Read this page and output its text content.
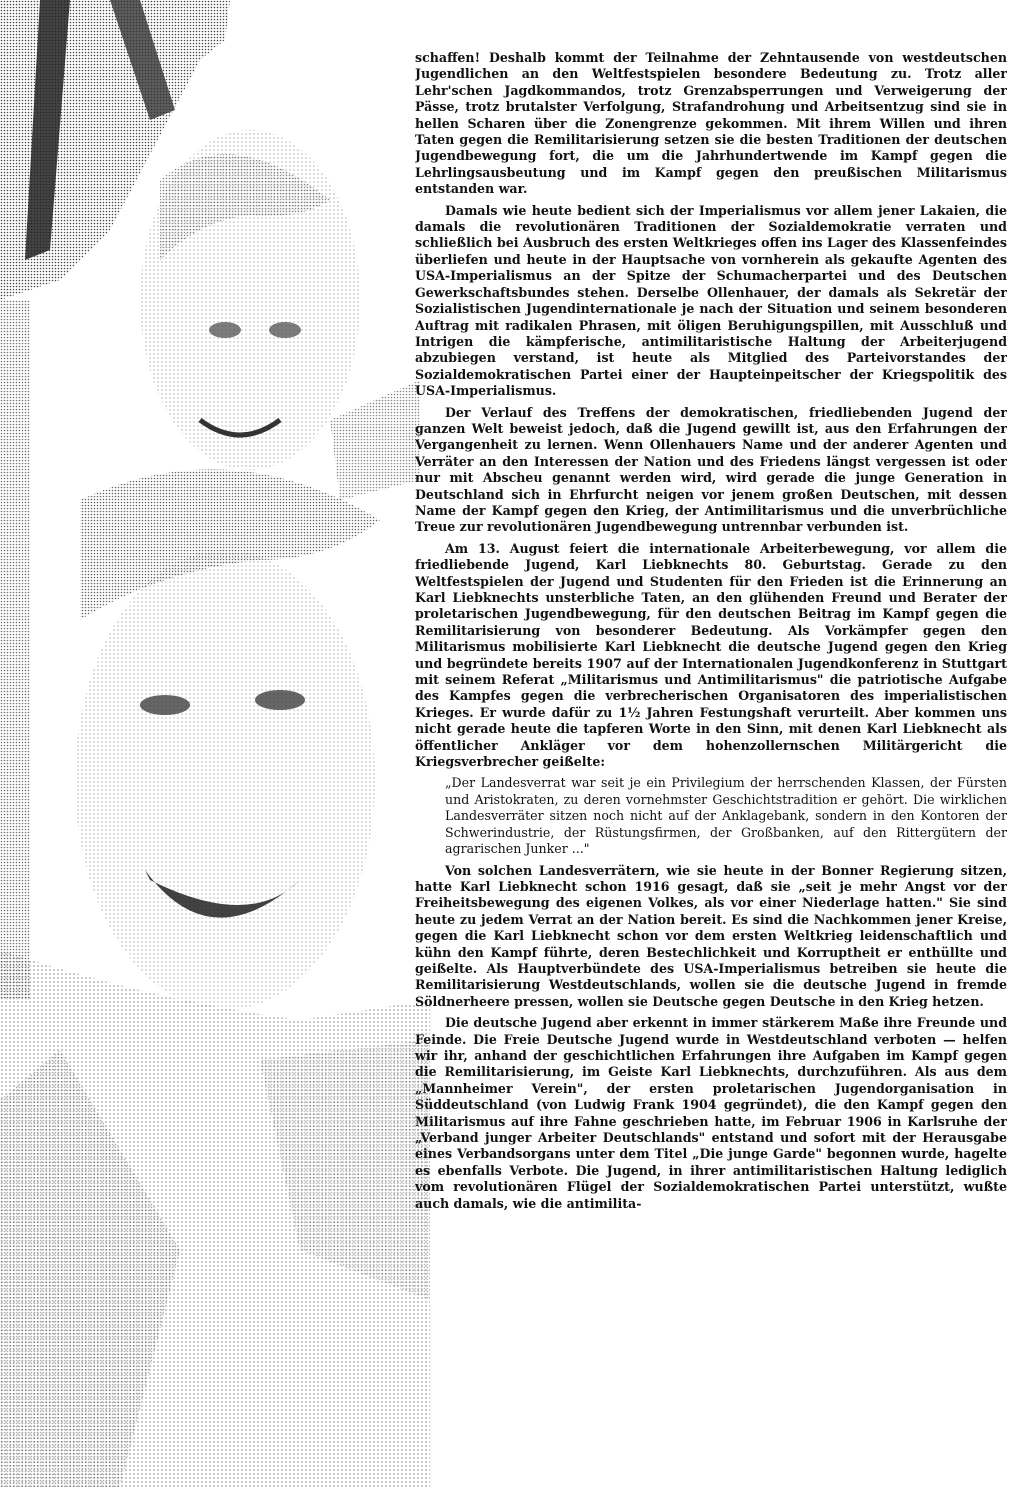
schaffen! Deshalb kommt der Teilnahme der Zehntausende von westdeutschen Jugendlichen an den Weltfestspielen besondere Bedeutung zu. Trotz aller Lehr'schen Jagdkommandos, trotz Grenzabsperrungen und Verweigerung der Pässe, trotz brutalster Verfolgung, Strafandrohung und Arbeitsentzug sind sie in hellen Scharen über die Zonengrenze gekommen. Mit ihrem Willen und ihren Taten gegen die Remilitarisierung setzen sie die besten Traditionen der deutschen Jugendbewegung fort, die um die Jahrhundertwende im Kampf gegen die Lehrlingsausbeutung und im Kampf gegen den preußischen Militarismus entstanden war.

Damals wie heute bedient sich der Imperialismus vor allem jener Lakaien, die damals die revolutionären Traditionen der Sozialdemokratie verraten und schließlich bei Ausbruch des ersten Weltkrieges offen ins Lager des Klassenfeindes überliefen und heute in der Hauptsache von vornherein als gekaufte Agenten des USA-Imperialismus an der Spitze der Schumacherpartei und des Deutschen Gewerkschaftsbundes stehen. Derselbe Ollenhauer, der damals als Sekretär der Sozialistischen Jugendinternationale je nach der Situation und seinem besonderen Auftrag mit radikalen Phrasen, mit öligen Beruhigungspillen, mit Ausschluß und Intrigen die kämpferische, antimilitaristische Haltung der Arbeiterjugend abzubiegen verstand, ist heute als Mitglied des Parteivorstandes der Sozialdemokratischen Partei einer der Haupteinpeitscher der Kriegspolitik des USA-Imperialismus.

Der Verlauf des Treffens der demokratischen, friedliebenden Jugend der ganzen Welt beweist jedoch, daß die Jugend gewillt ist, aus den Erfahrungen der Vergangenheit zu lernen. Wenn Ollenhauers Name und der anderer Agenten und Verräter an den Interessen der Nation und des Friedens längst vergessen ist oder nur mit Abscheu genannt werden wird, wird gerade die junge Generation in Deutschland sich in Ehrfurcht neigen vor jenem großen Deutschen, mit dessen Name der Kampf gegen den Krieg, der Antimilitarismus und die unverbrüchliche Treue zur revolutionären Jugendbewegung untrennbar verbunden ist.

Am 13. August feiert die internationale Arbeiterbewegung, vor allem die friedliebende Jugend, Karl Liebknechts 80. Geburtstag. Gerade zu den Weltfestspielen der Jugend und Studenten für den Frieden ist die Erinnerung an Karl Liebknechts unsterbliche Taten, an den glühenden Freund und Berater der proletarischen Jugendbewegung, für den deutschen Beitrag im Kampf gegen die Remilitarisierung von besonderer Bedeutung. Als Vorkämpfer gegen den Militarismus mobilisierte Karl Liebknecht die deutsche Jugend gegen den Krieg und begründete bereits 1907 auf der Internationalen Jugendkonferenz in Stuttgart mit seinem Referat „Militarismus und Antimilitarismus" die patriotische Aufgabe des Kampfes gegen die verbrecherischen Organisatoren des imperialistischen Krieges. Er wurde dafür zu 1½ Jahren Festungshaft verurteilt. Aber kommen uns nicht gerade heute die tapferen Worte in den Sinn, mit denen Karl Liebknecht als öffentlicher Ankläger vor dem hohenzollernschen Militärgericht die Kriegsverbrecher geißelte:

„Der Landesverrat war seit je ein Privilegium der herrschenden Klassen, der Fürsten und Aristokraten, zu deren vornehmster Geschichtstradition er gehört. Die wirklichen Landesverräter sitzen noch nicht auf der Anklagebank, sondern in den Kontoren der Schwerindustrie, der Rüstungsfirmen, der Großbanken, auf den Rittergütern der agrarischen Junker ..."

Von solchen Landesverrätern, wie sie heute in der Bonner Regierung sitzen, hatte Karl Liebknecht schon 1916 gesagt, daß sie „seit je mehr Angst vor der Freiheitsbewegung des eigenen Volkes, als vor einer Niederlage hatten." Sie sind heute zu jedem Verrat an der Nation bereit. Es sind die Nachkommen jener Kreise, gegen die Karl Liebknecht schon vor dem ersten Weltkrieg leidenschaftlich und kühn den Kampf führte, deren Bestechlichkeit und Korruptheit er enthüllte und geißelte. Als Hauptverbündete des USA-Imperialismus betreiben sie heute die Remilitarisierung Westdeutschlands, wollen sie die deutsche Jugend in fremde Söldnerheere pressen, wollen sie Deutsche gegen Deutsche in den Krieg hetzen.

Die deutsche Jugend aber erkennt in immer stärkerem Maße ihre Freunde und Feinde. Die Freie Deutsche Jugend wurde in Westdeutschland verboten — helfen wir ihr, anhand der geschichtlichen Erfahrungen ihre Aufgaben im Kampf gegen die Remilitarisierung, im Geiste Karl Liebknechts, durchzuführen. Als aus dem „Mannheimer Verein", der ersten proletarischen Jugendorganisation in Süddeutschland (von Ludwig Frank 1904 gegründet), die den Kampf gegen den Militarismus auf ihre Fahne geschrieben hatte, im Februar 1906 in Karlsruhe der „Verband junger Arbeiter Deutschlands" entstand und sofort mit der Herausgabe eines Verbandsorgans unter dem Titel „Die junge Garde" begonnen wurde, hagelte es ebenfalls Verbote. Die Jugend, in ihrer antimilitaristischen Haltung lediglich vom revolutionären Flügel der Sozialdemokratischen Partei unterstützt, wußte auch damals, wie die antimilita-
